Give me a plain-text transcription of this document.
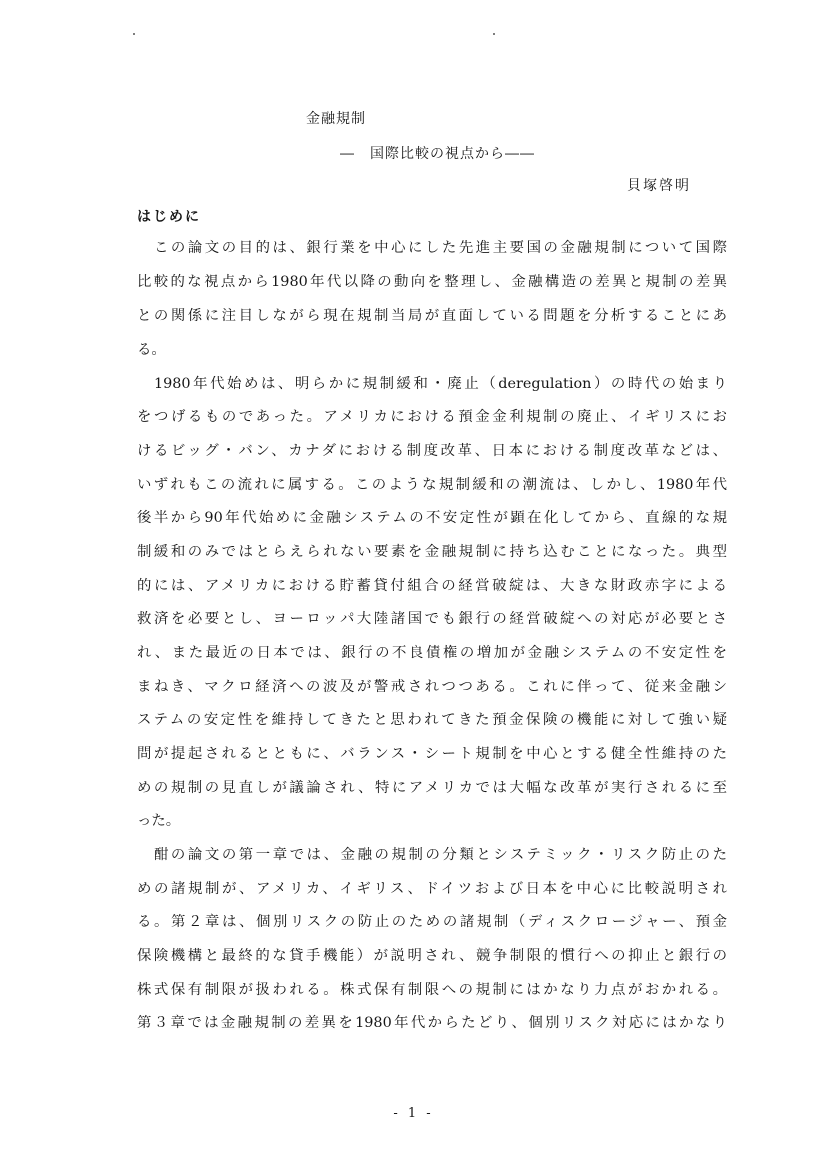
金融規制
―　国際比較の視点から――
貝塚啓明
はじめに
　この論文の目的は、銀行業を中心にした先進主要国の金融規制について国際
比較的な視点から1980年代以降の動向を整理し、金融構造の差異と規制の差異
との関係に注目しながら現在規制当局が直面している問題を分析することにあ
る。
　1980年代始めは、明らかに規制緩和・廃止（deregulation）の時代の始まり
をつげるものであった。アメリカにおける預金金利規制の廃止、イギリスにお
けるビッグ・バン、カナダにおける制度改革、日本における制度改革などは、
いずれもこの流れに属する。このような規制緩和の潮流は、しかし、1980年代
後半から90年代始めに金融システムの不安定性が顕在化してから、直線的な規
制緩和のみではとらえられない要素を金融規制に持ち込むことになった。典型
的には、アメリカにおける貯蓄貸付組合の経営破綻は、大きな財政赤字による
救済を必要とし、ヨーロッパ大陸諸国でも銀行の経営破綻への対応が必要とさ
れ、また最近の日本では、銀行の不良債権の増加が金融システムの不安定性を
まねき、マクロ経済への波及が警戒されつつある。これに伴って、従来金融シ
ステムの安定性を維持してきたと思われてきた預金保険の機能に対して強い疑
問が提起されるとともに、バランス・シート規制を中心とする健全性維持のた
めの規制の見直しが議論され、特にアメリカでは大幅な改革が実行されるに至
った。
　酣の論文の第一章では、金融の規制の分類とシステミック・リスク防止のた
めの諸規制が、アメリカ、イギリス、ドイツおよび日本を中心に比較説明され
る。第２章は、個別リスクの防止のための諸規制（ディスクロージャー、預金
保険機構と最終的な貸手機能）が説明され、競争制限的慣行への抑止と銀行の
株式保有制限が扱われる。株式保有制限への規制にはかなり力点がおかれる。
第３章では金融規制の差異を1980年代からたどり、個別リスク対応にはかなり
- 1 -
